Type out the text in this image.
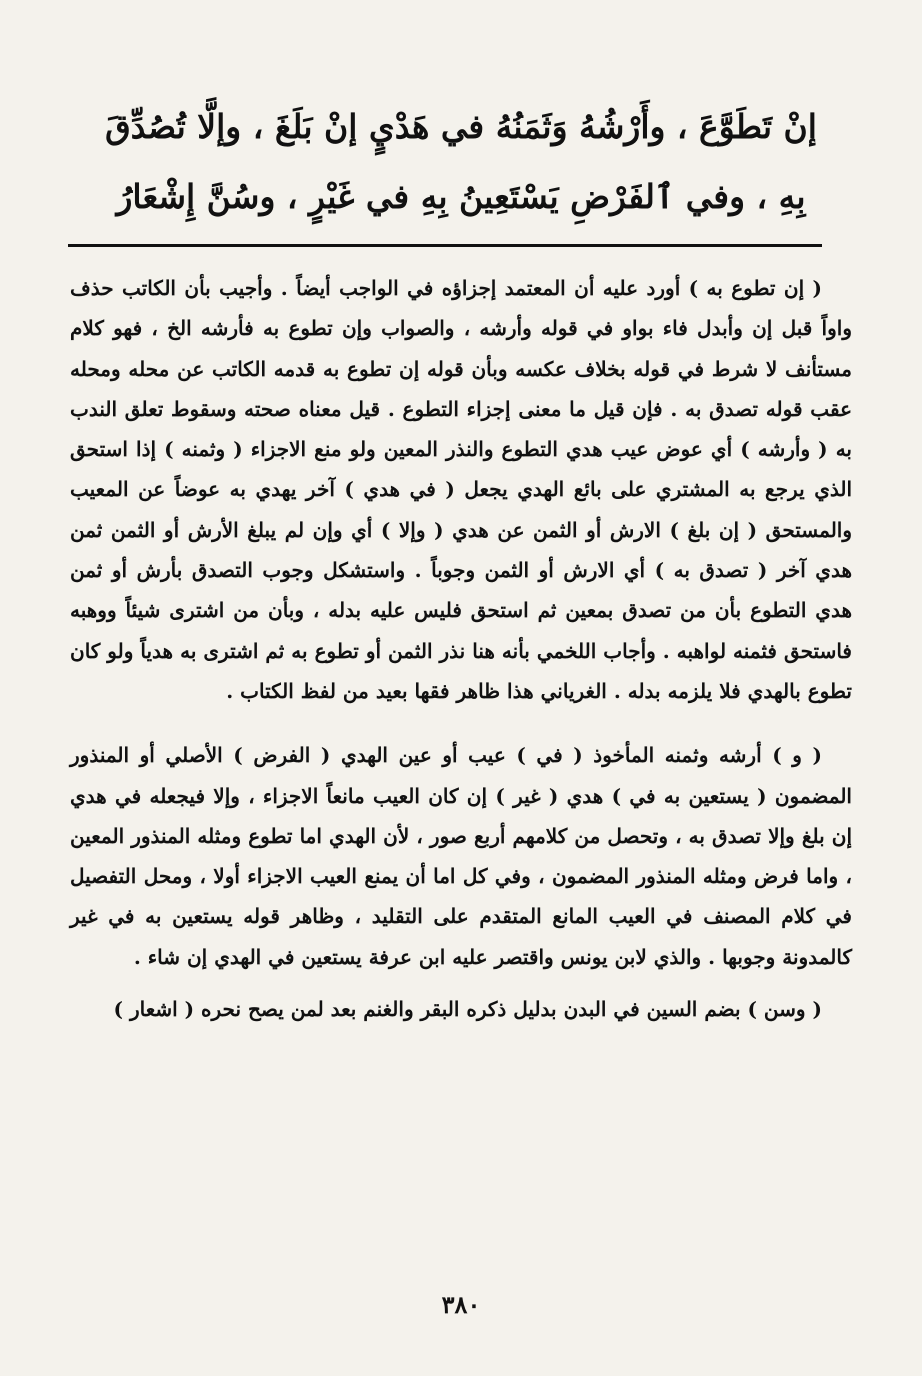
إنْ تَطَوَّعَ ، وأَرْشُهُ وَثَمَنُهُ في هَدْيٍ إنْ بَلَغَ ، وإلَّا تُصُدِّقَ
بِهِ ، وفي ٱلفَرْضِ يَسْتَعِينُ بِهِ في غَيْرٍ ، وسُنَّ إِشْعَارُ

( إن تطوع به ) أورد عليه أن المعتمد إجزاؤه في الواجب أيضاً . وأجيب بأن الكاتب حذف واواً قبل إن وأبدل فاء بواو في قوله وأرشه ، والصواب وإن تطوع به فأرشه الخ ، فهو كلام مستأنف لا شرط في قوله بخلاف عكسه وبأن قوله إن تطوع به قدمه الكاتب عن محله ومحله عقب قوله تصدق به . فإن قيل ما معنى إجزاء التطوع . قيل معناه صحته وسقوط تعلق الندب به ( وأرشه ) أي عوض عيب هدي التطوع والنذر المعين ولو منع الاجزاء ( وثمنه ) إذا استحق الذي يرجع به المشتري على بائع الهدي يجعل ( في هدي ) آخر يهدي به عوضاً عن المعيب والمستحق ( إن بلغ ) الارش أو الثمن عن هدي ( وإلا ) أي وإن لم يبلغ الأرش أو الثمن ثمن هدي آخر ( تصدق به ) أي الارش أو الثمن وجوباً . واستشكل وجوب التصدق بأرش أو ثمن هدي التطوع بأن من تصدق بمعين ثم استحق فليس عليه بدله ، وبأن من اشترى شيئاً ووهبه فاستحق فثمنه لواهبه . وأجاب اللخمي بأنه هنا نذر الثمن أو تطوع به ثم اشترى به هدياً ولو كان تطوع بالهدي فلا يلزمه بدله . الغرياني هذا ظاهر فقها بعيد من لفظ الكتاب .

( و ) أرشه وثمنه المأخوذ ( في ) عيب أو عين الهدي ( الفرض ) الأصلي أو المنذور المضمون ( يستعين به في ) هدي ( غير ) إن كان العيب مانعاً الاجزاء ، وإلا فيجعله في هدي إن بلغ وإلا تصدق به ، وتحصل من كلامهم أربع صور ، لأن الهدي اما تطوع ومثله المنذور المعين ، واما فرض ومثله المنذور المضمون ، وفي كل اما أن يمنع العيب الاجزاء أولا ، ومحل التفصيل في كلام المصنف في العيب المانع المتقدم على التقليد ، وظاهر قوله يستعين به في غير كالمدونة وجوبها . والذي لابن يونس واقتصر عليه ابن عرفة يستعين في الهدي إن شاء .

( وسن ) بضم السين في البدن بدليل ذكره البقر والغنم بعد لمن يصح نحره ( اشعار )

٣٨٠
